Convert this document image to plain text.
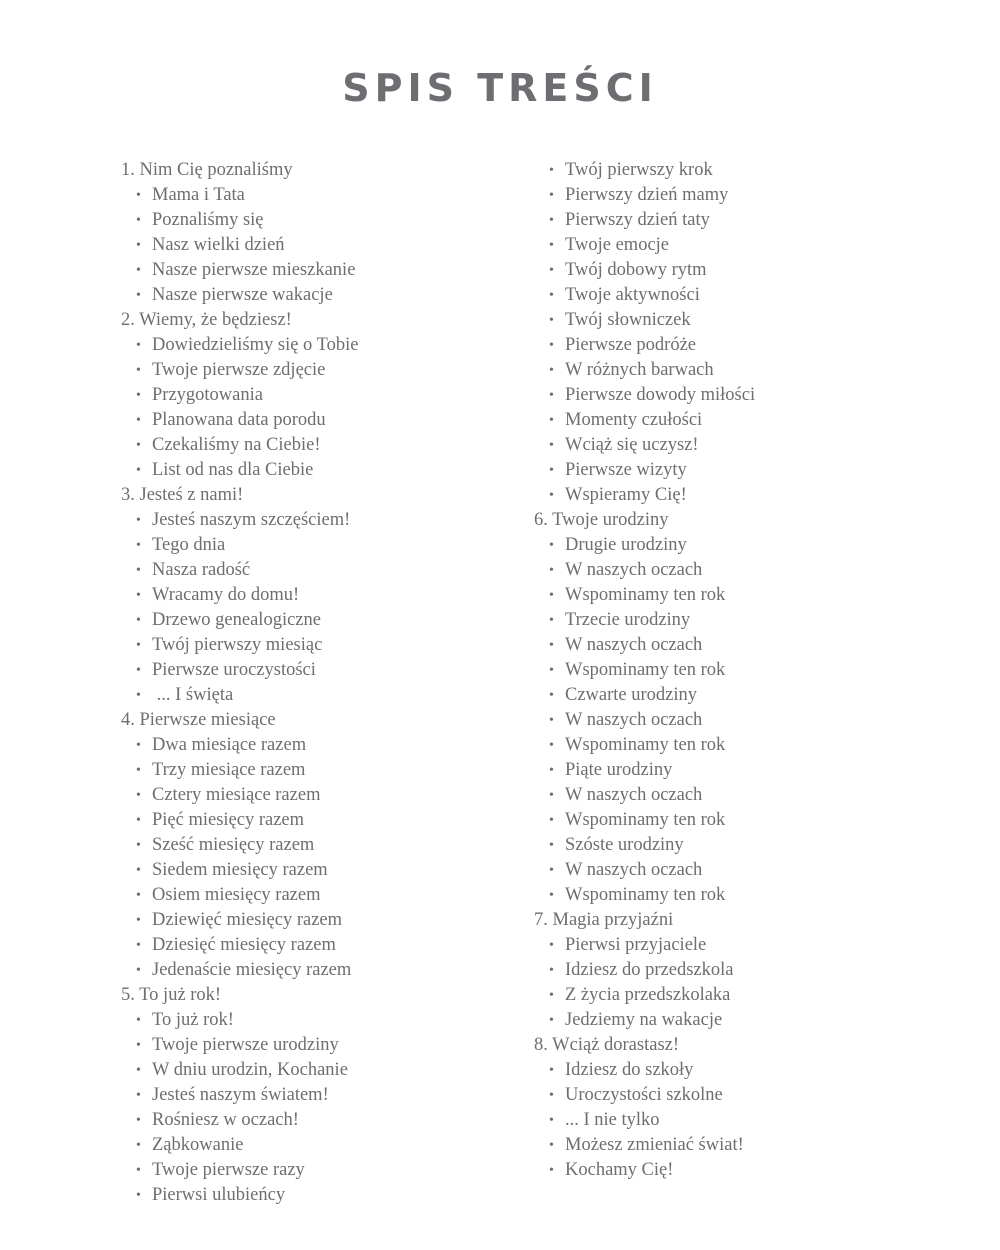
SPIS TREŚCI
1. Nim Cię poznaliśmy
• Mama i Tata
• Poznaliśmy się
• Nasz wielki dzień
• Nasze pierwsze mieszkanie
• Nasze pierwsze wakacje
2. Wiemy, że będziesz!
• Dowiedzieliśmy się o Tobie
• Twoje pierwsze zdjęcie
• Przygotowania
• Planowana data porodu
• Czekaliśmy na Ciebie!
• List od nas dla Ciebie
3. Jesteś z nami!
• Jesteś naszym szczęściem!
• Tego dnia
• Nasza radość
• Wracamy do domu!
• Drzewo genealogiczne
• Twój pierwszy miesiąc
• Pierwsze uroczystości
• ... I święta
4. Pierwsze miesiące
• Dwa miesiące razem
• Trzy miesiące razem
• Cztery miesiące razem
• Pięć miesięcy razem
• Sześć miesięcy razem
• Siedem miesięcy razem
• Osiem miesięcy razem
• Dziewięć miesięcy razem
• Dziesięć miesięcy razem
• Jedenaście miesięcy razem
5. To już rok!
• To już rok!
• Twoje pierwsze urodziny
• W dniu urodzin, Kochanie
• Jesteś naszym światem!
• Rośniesz w oczach!
• Ząbkowanie
• Twoje pierwsze razy
• Pierwsi ulubieńcy
• Twój pierwszy krok
• Pierwszy dzień mamy
• Pierwszy dzień taty
• Twoje emocje
• Twój dobowy rytm
• Twoje aktywności
• Twój słowniczek
• Pierwsze podróże
• W różnych barwach
• Pierwsze dowody miłości
• Momenty czułości
• Wciąż się uczysz!
• Pierwsze wizyty
• Wspieramy Cię!
6. Twoje urodziny
• Drugie urodziny
• W naszych oczach
• Wspominamy ten rok
• Trzecie urodziny
• W naszych oczach
• Wspominamy ten rok
• Czwarte urodziny
• W naszych oczach
• Wspominamy ten rok
• Piąte urodziny
• W naszych oczach
• Wspominamy ten rok
• Szóste urodziny
• W naszych oczach
• Wspominamy ten rok
7. Magia przyjaźni
• Pierwsi przyjaciele
• Idziesz do przedszkola
• Z życia przedszkolaka
• Jedziemy na wakacje
8. Wciąż dorastasz!
• Idziesz do szkoły
• Uroczystości szkolne
• ... I nie tylko
• Możesz zmieniać świat!
• Kochamy Cię!
